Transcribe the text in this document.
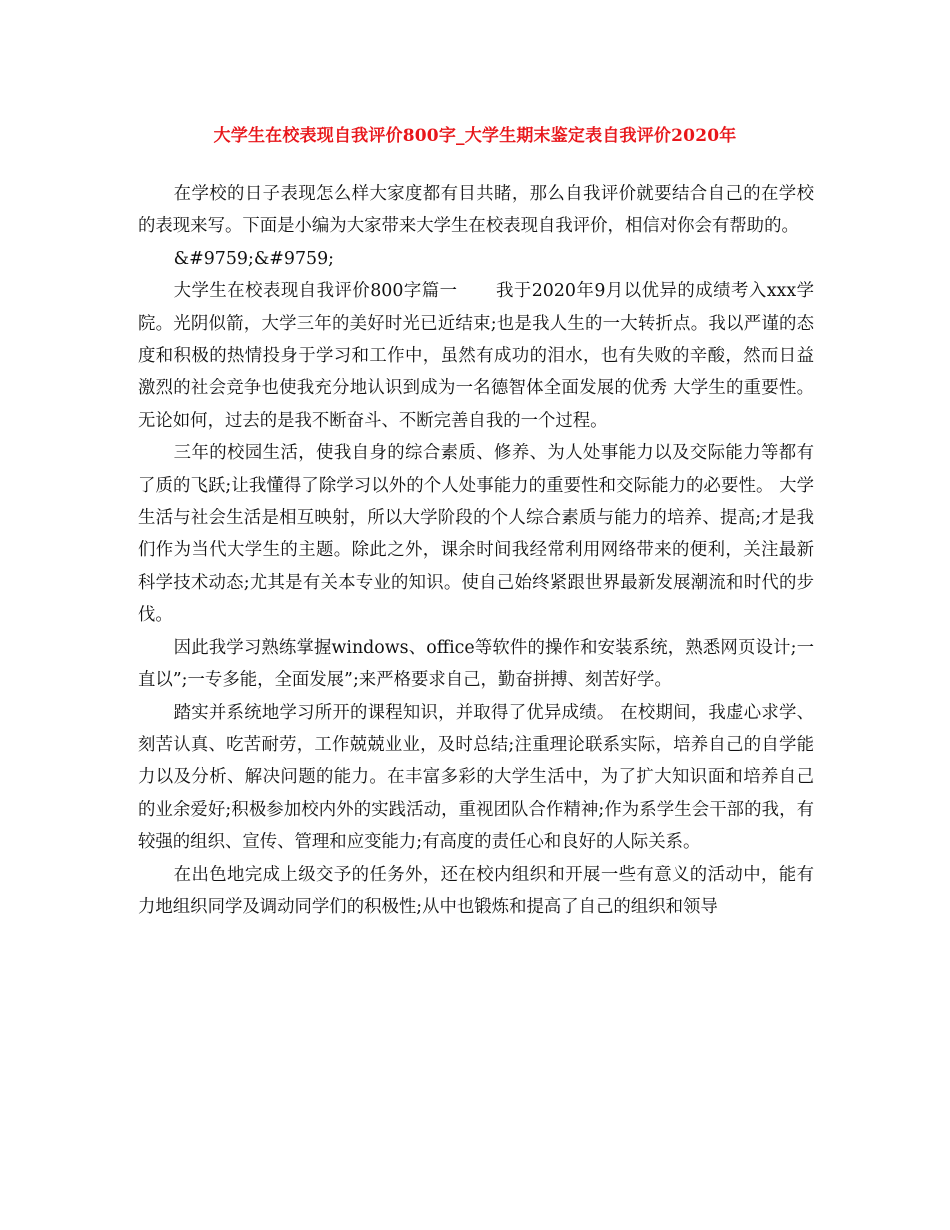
大学生在校表现自我评价800字_大学生期末鉴定表自我评价2020年

在学校的日子表现怎么样大家度都有目共睹，那么自我评价就要结合自己的在学校的表现来写。下面是小编为大家带来大学生在校表现自我评价，相信对你会有帮助的。

&#9759;&#9759;

大学生在校表现自我评价800字篇一 我于2020年9月以优异的成绩考入xxx学院。光阴似箭，大学三年的美好时光已近结束;也是我人生的一大转折点。我以严谨的态度和积极的热情投身于学习和工作中，虽然有成功的泪水，也有失败的辛酸，然而日益激烈的社会竞争也使我充分地认识到成为一名德智体全面发展的优秀 大学生的重要性。无论如何，过去的是我不断奋斗、不断完善自我的一个过程。

三年的校园生活，使我自身的综合素质、修养、为人处事能力以及交际能力等都有了质的飞跃;让我懂得了除学习以外的个人处事能力的重要性和交际能力的必要性。 大学生活与社会生活是相互映射，所以大学阶段的个人综合素质与能力的培养、提高;才是我们作为当代大学生的主题。除此之外，课余时间我经常利用网络带来的便利，关注最新科学技术动态;尤其是有关本专业的知识。使自己始终紧跟世界最新发展潮流和时代的步伐。

因此我学习熟练掌握windows、office等软件的操作和安装系统，熟悉网页设计;一直以”;一专多能，全面发展”;来严格要求自己，勤奋拼搏、刻苦好学。

踏实并系统地学习所开的课程知识，并取得了优异成绩。 在校期间，我虚心求学、刻苦认真、吃苦耐劳，工作兢兢业业，及时总结;注重理论联系实际，培养自己的自学能力以及分析、解决问题的能力。在丰富多彩的大学生活中，为了扩大知识面和培养自己的业余爱好;积极参加校内外的实践活动，重视团队合作精神;作为系学生会干部的我，有较强的组织、宣传、管理和应变能力;有高度的责任心和良好的人际关系。

在出色地完成上级交予的任务外，还在校内组织和开展一些有意义的活动中，能有力地组织同学及调动同学们的积极性;从中也锻炼和提高了自己的组织和领导
